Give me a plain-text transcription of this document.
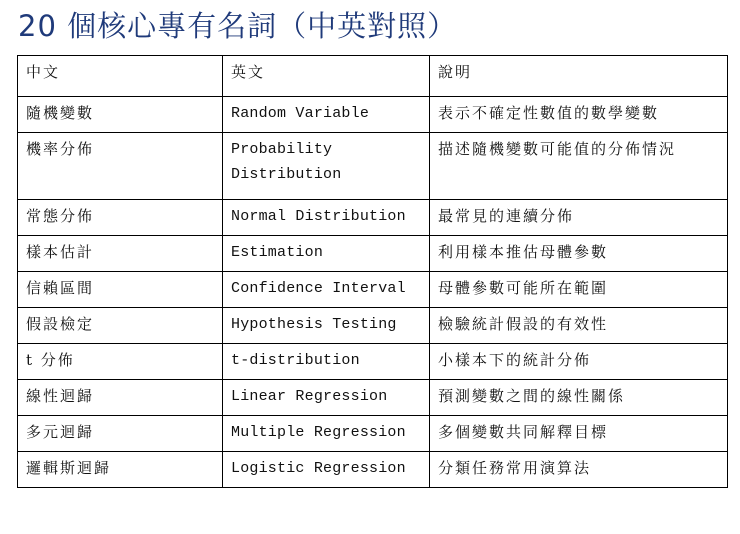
20 個核心專有名詞（中英對照）
中文	英文	說明
隨機變數	Random Variable	表示不確定性數值的數學變數
機率分佈	Probability Distribution	描述隨機變數可能值的分佈情況
常態分佈	Normal Distribution	最常見的連續分佈
樣本估計	Estimation	利用樣本推估母體參數
信賴區間	Confidence Interval	母體參數可能所在範圍
假設檢定	Hypothesis Testing	檢驗統計假設的有效性
t 分佈	t-distribution	小樣本下的統計分佈
線性迴歸	Linear Regression	預測變數之間的線性關係
多元迴歸	Multiple Regression	多個變數共同解釋目標
邏輯斯迴歸	Logistic Regression	分類任務常用演算法
